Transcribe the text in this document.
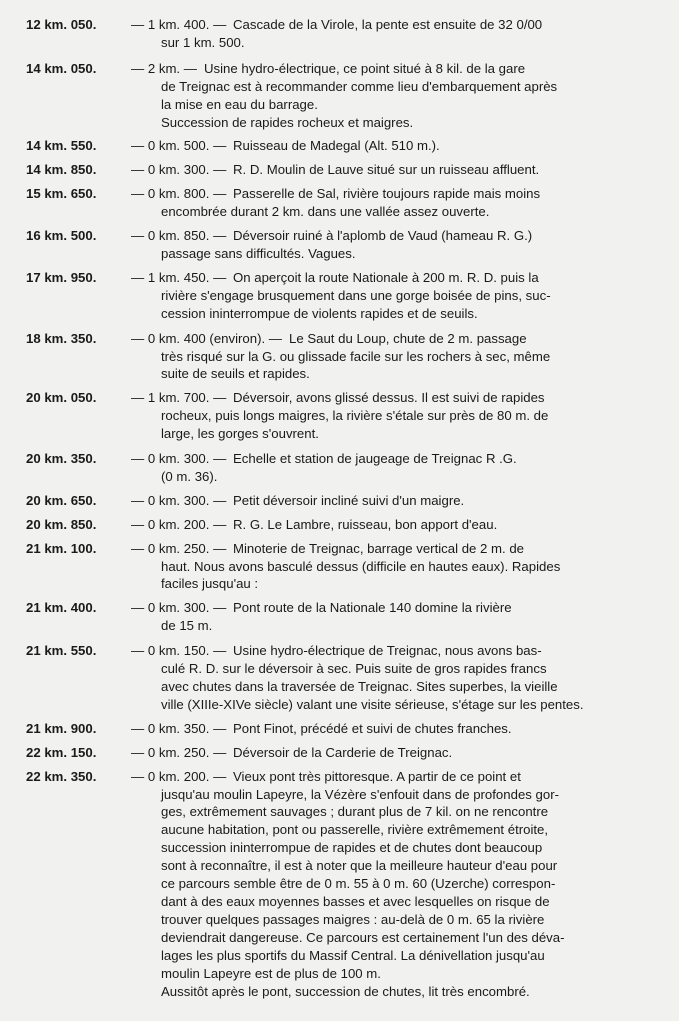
12 km. 050.	— 1 km. 400. — Cascade de la Virole, la pente est ensuite de 32 0/00
sur 1 km. 500.
14 km. 050.	— 2 km. — Usine hydro-électrique, ce point situé à 8 kil. de la gare
de Treignac est à recommander comme lieu d'embarquement après
la mise en eau du barrage.
Succession de rapides rocheux et maigres.
14 km. 550.	— 0 km. 500. — Ruisseau de Madegal (Alt. 510 m.).
14 km. 850.	— 0 km. 300. — R. D. Moulin de Lauve situé sur un ruisseau affluent.
15 km. 650.	— 0 km. 800. — Passerelle de Sal, rivière toujours rapide mais moins
encombrée durant 2 km. dans une vallée assez ouverte.
16 km. 500.	— 0 km. 850. — Déversoir ruiné à l'aplomb de Vaud (hameau R. G.)
passage sans difficultés. Vagues.
17 km. 950.	— 1 km. 450. — On aperçoit la route Nationale à 200 m. R. D. puis la
rivière s'engage brusquement dans une gorge boisée de pins, suc-
cession ininterrompue de violents rapides et de seuils.
18 km. 350.	— 0 km. 400 (environ). — Le Saut du Loup, chute de 2 m. passage
très risqué sur la G. ou glissade facile sur les rochers à sec, même
suite de seuils et rapides.
20 km. 050.	— 1 km. 700. — Déversoir, avons glissé dessus. Il est suivi de rapides
rocheux, puis longs maigres, la rivière s'étale sur près de 80 m. de
large, les gorges s'ouvrent.
20 km. 350.	— 0 km. 300. — Echelle et station de jaugeage de Treignac R .G.
(0 m. 36).
20 km. 650.	— 0 km. 300. — Petit déversoir incliné suivi d'un maigre.
20 km. 850.	— 0 km. 200. — R. G. Le Lambre, ruisseau, bon apport d'eau.
21 km. 100.	— 0 km. 250. — Minoterie de Treignac, barrage vertical de 2 m. de
haut. Nous avons basculé dessus (difficile en hautes eaux). Rapides
faciles jusqu'au :
21 km. 400.	— 0 km. 300. — Pont route de la Nationale 140 domine la rivière
de 15 m.
21 km. 550.	— 0 km. 150. — Usine hydro-électrique de Treignac, nous avons bas-
culé R. D. sur le déversoir à sec. Puis suite de gros rapides francs
avec chutes dans la traversée de Treignac. Sites superbes, la vieille
ville (XIIIe-XIVe siècle) valant une visite sérieuse, s'étage sur les pentes.
21 km. 900.	— 0 km. 350. — Pont Finot, précédé et suivi de chutes franches.
22 km. 150.	— 0 km. 250. — Déversoir de la Carderie de Treignac.
22 km. 350.	— 0 km. 200. — Vieux pont très pittoresque. A partir de ce point et
jusqu'au moulin Lapeyre, la Vézère s'enfouit dans de profondes gor-
ges, extrêmement sauvages ; durant plus de 7 kil. on ne rencontre
aucune habitation, pont ou passerelle, rivière extrêmement étroite,
succession ininterrompue de rapides et de chutes dont beaucoup
sont à reconnaître, il est à noter que la meilleure hauteur d'eau pour
ce parcours semble être de 0 m. 55 à 0 m. 60 (Uzerche) correspon-
dant à des eaux moyennes basses et avec lesquelles on risque de
trouver quelques passages maigres : au-delà de 0 m. 65 la rivière
deviendrait dangereuse. Ce parcours est certainement l'un des déva-
lages les plus sportifs du Massif Central. La dénivellation jusqu'au
moulin Lapeyre est de plus de 100 m.
Aussitôt après le pont, succession de chutes, lit très encombré.
